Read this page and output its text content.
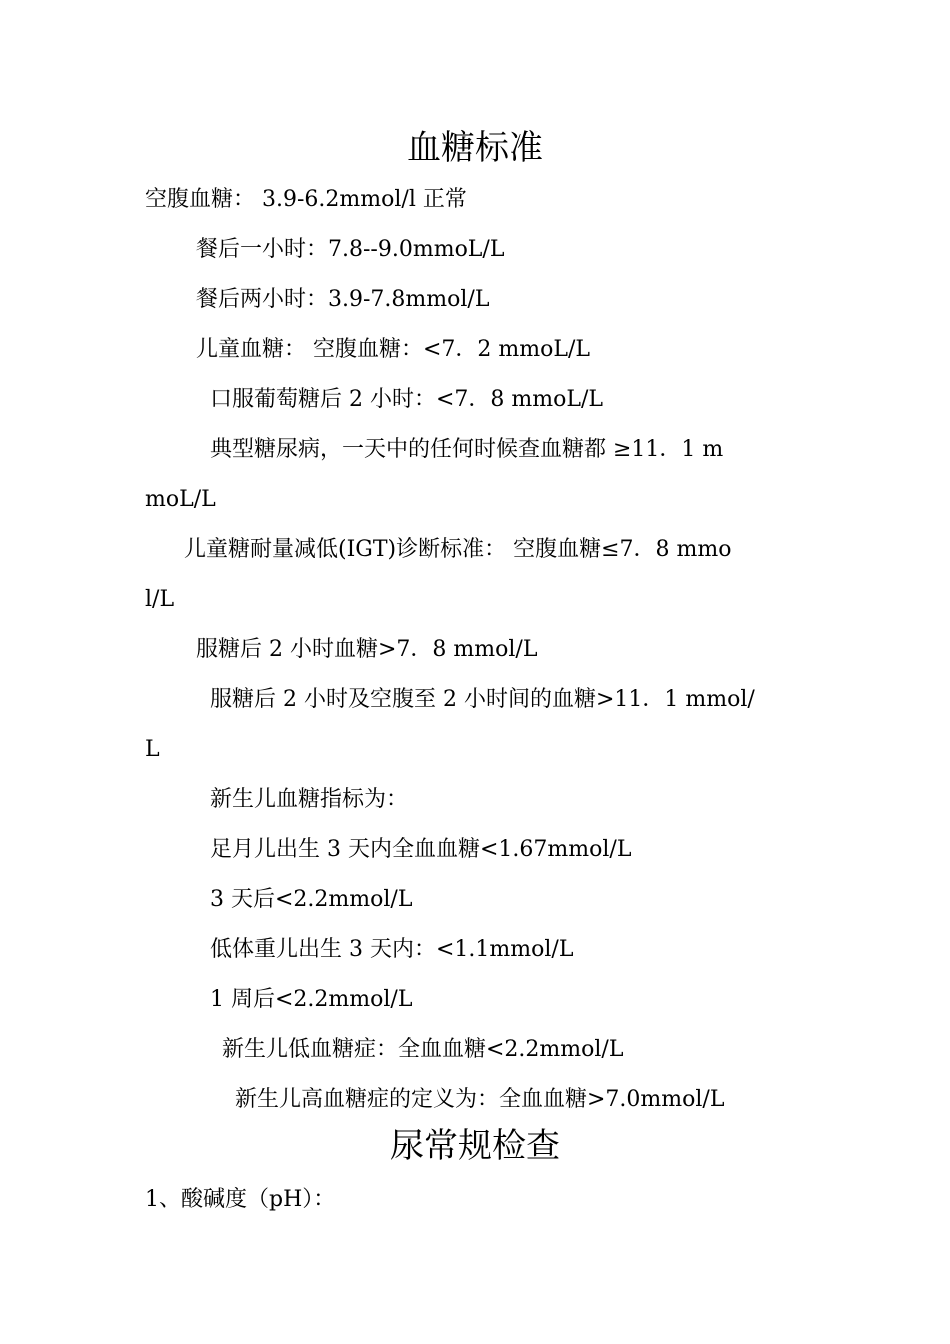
血糖标准
空腹血糖： 3.9-6.2mmol/l 正常
餐后一小时：7.8--9.0mmoL/L
餐后两小时：3.9-7.8mmol/L
儿童血糖： 空腹血糖：<7．2 mmoL/L
口服葡萄糖后 2 小时：<7．8 mmoL/L
典型糖尿病，一天中的任何时候查血糖都 ≥11．1 m
moL/L
儿童糖耐量减低(IGT)诊断标准： 空腹血糖≤7．8 mmo
l/L
服糖后 2 小时血糖>7．8 mmol/L
服糖后 2 小时及空腹至 2 小时间的血糖>11．1 mmol/
L
新生儿血糖指标为：
足月儿出生 3 天内全血血糖<1.67mmol/L
3 天后<2.2mmol/L
低体重儿出生 3 天内：<1.1mmol/L
1 周后<2.2mmol/L
新生儿低血糖症：全血血糖<2.2mmol/L
新生儿高血糖症的定义为：全血血糖>7.0mmol/L
尿常规检查
1、酸碱度（pH）：
